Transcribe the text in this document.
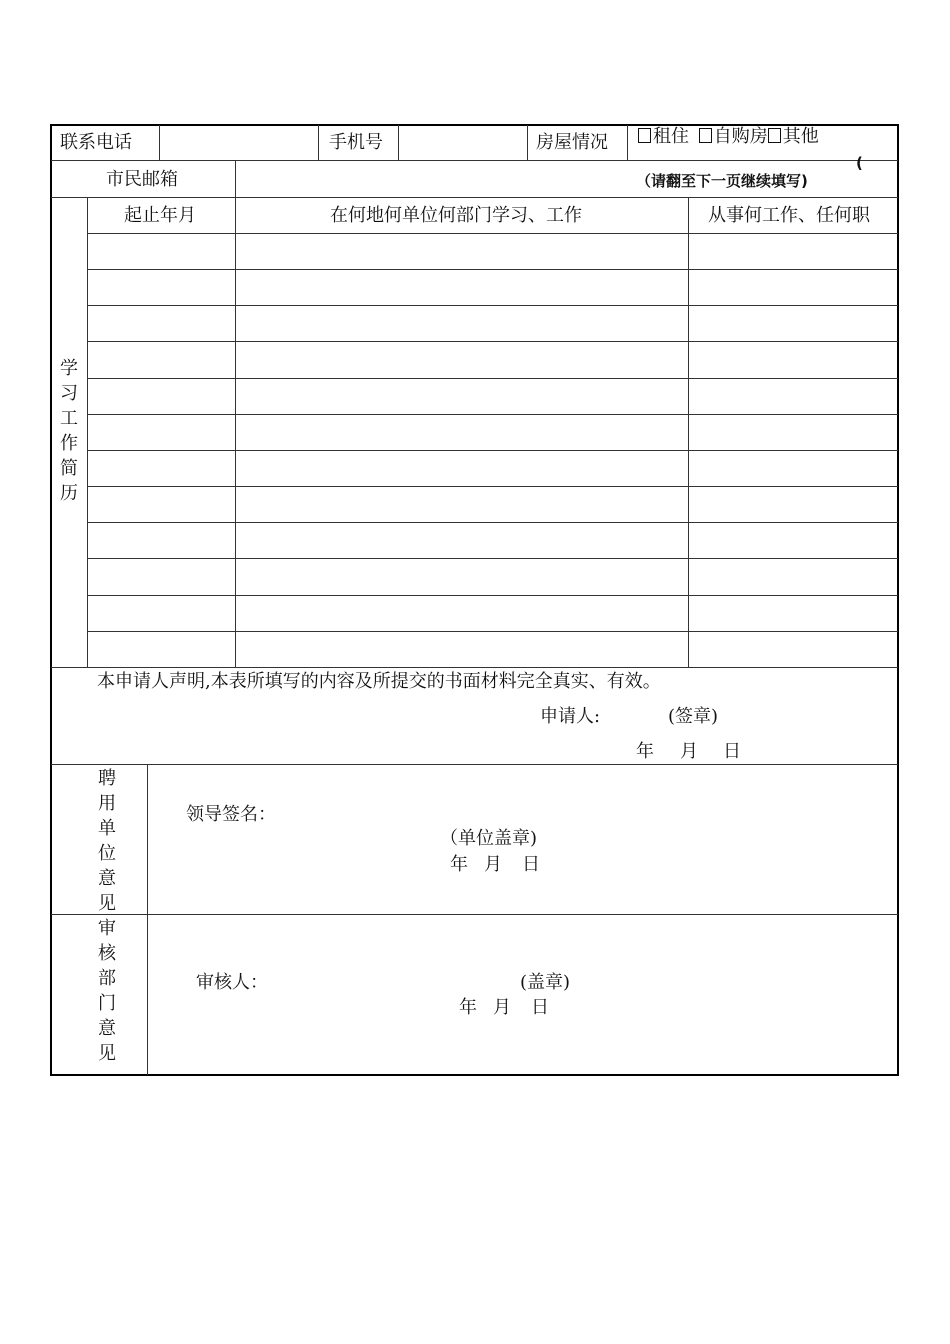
联系电话	手机号	房屋情况	租住 自购房 其他
(
市民邮箱	（请翻至下一页继续填写)
学习工作简历
起止年月	在何地何单位何部门学习、工作	从事何工作、任何职
本申请人声明,本表所填写的内容及所提交的书面材料完全真实、有效。
申请人:	(签章)
年 月 日
聘用单位意见
领导签名：
（单位盖章)
年 月 日
审核部门意见
审核人：	(盖章)
年 月 日
